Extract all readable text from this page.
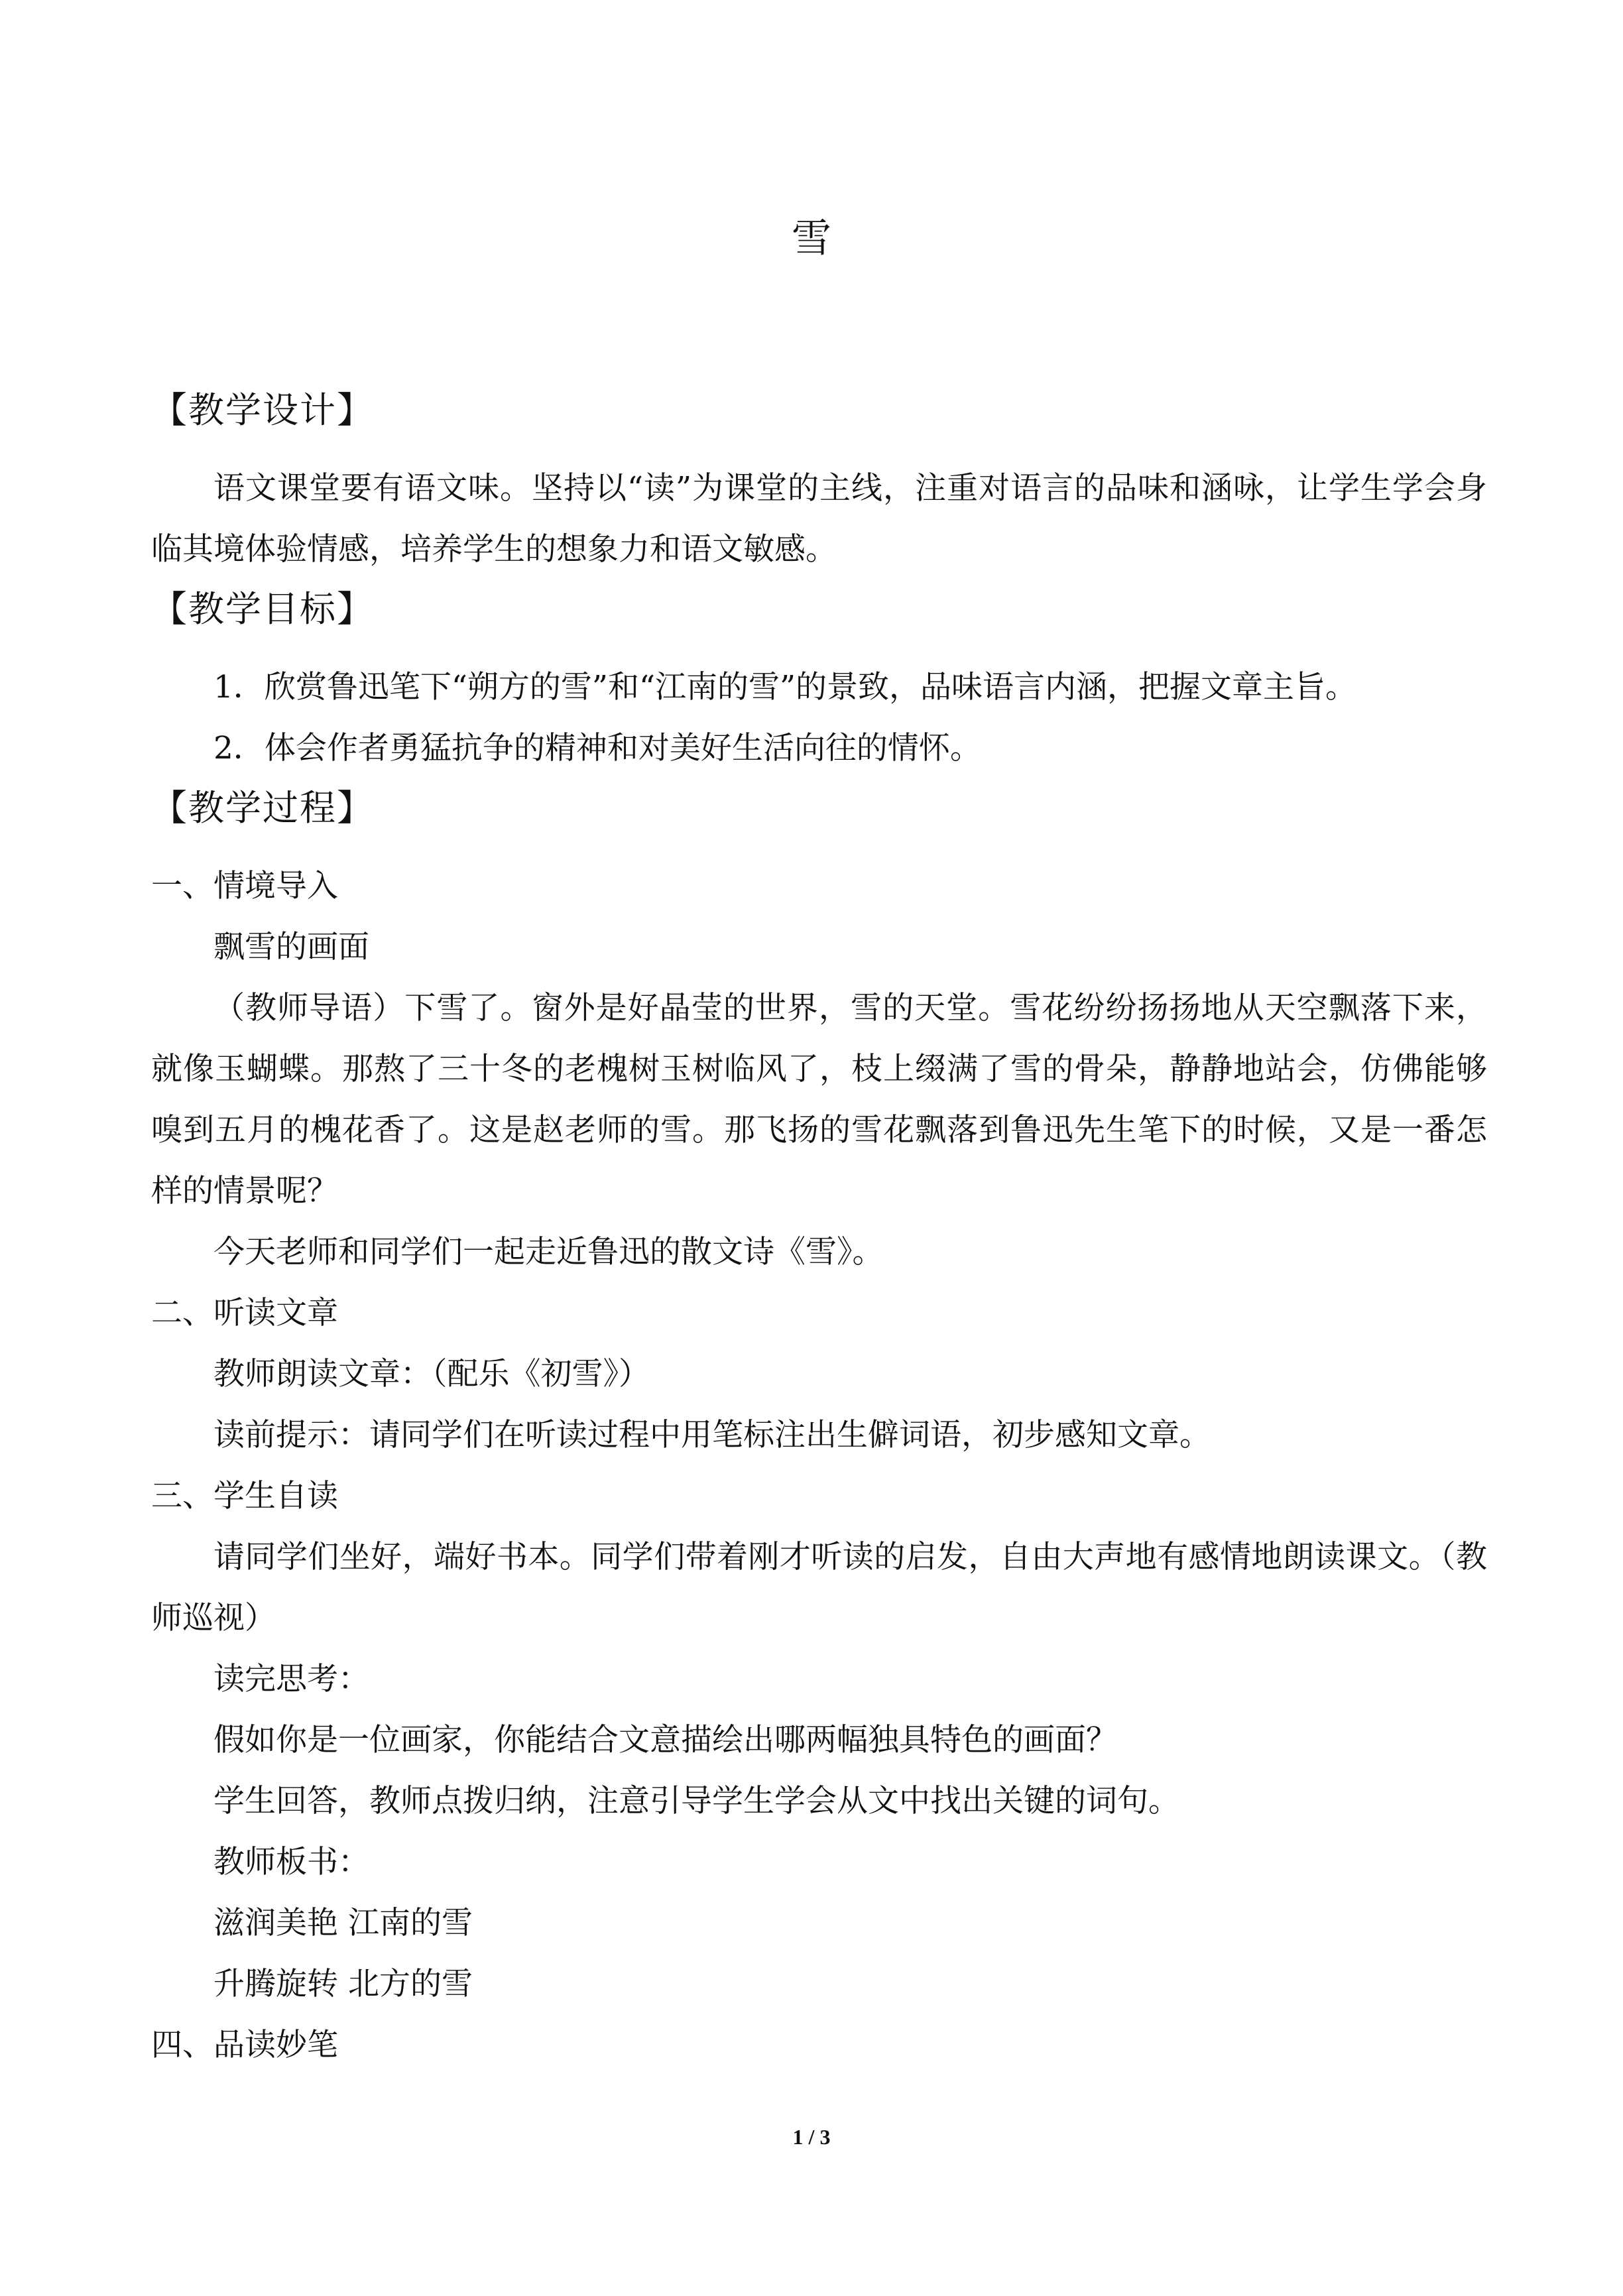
雪
【教学设计】

语文课堂要有语文味。坚持以“读”为课堂的主线，注重对语言的品味和涵咏，让学生学会身临其境体验情感，培养学生的想象力和语文敏感。

【教学目标】

1．欣赏鲁迅笔下“朔方的雪”和“江南的雪”的景致，品味语言内涵，把握文章主旨。

2．体会作者勇猛抗争的精神和对美好生活向往的情怀。

【教学过程】

一、情境导入

飘雪的画面

（教师导语）下雪了。窗外是好晶莹的世界，雪的天堂。雪花纷纷扬扬地从天空飘落下来，就像玉蝴蝶。那熬了三十冬的老槐树玉树临风了，枝上缀满了雪的骨朵，静静地站会，仿佛能够嗅到五月的槐花香了。这是赵老师的雪。那飞扬的雪花飘落到鲁迅先生笔下的时候，又是一番怎样的情景呢？

今天老师和同学们一起走近鲁迅的散文诗《雪》。

二、听读文章

教师朗读文章：（配乐《初雪》）

读前提示：请同学们在听读过程中用笔标注出生僻词语，初步感知文章。

三、学生自读

请同学们坐好，端好书本。同学们带着刚才听读的启发，自由大声地有感情地朗读课文。（教师巡视）

读完思考：

假如你是一位画家，你能结合文意描绘出哪两幅独具特色的画面？

学生回答，教师点拨归纳，注意引导学生学会从文中找出关键的词句。

教师板书：

滋润美艳 江南的雪

升腾旋转 北方的雪

四、品读妙笔

1 / 3
